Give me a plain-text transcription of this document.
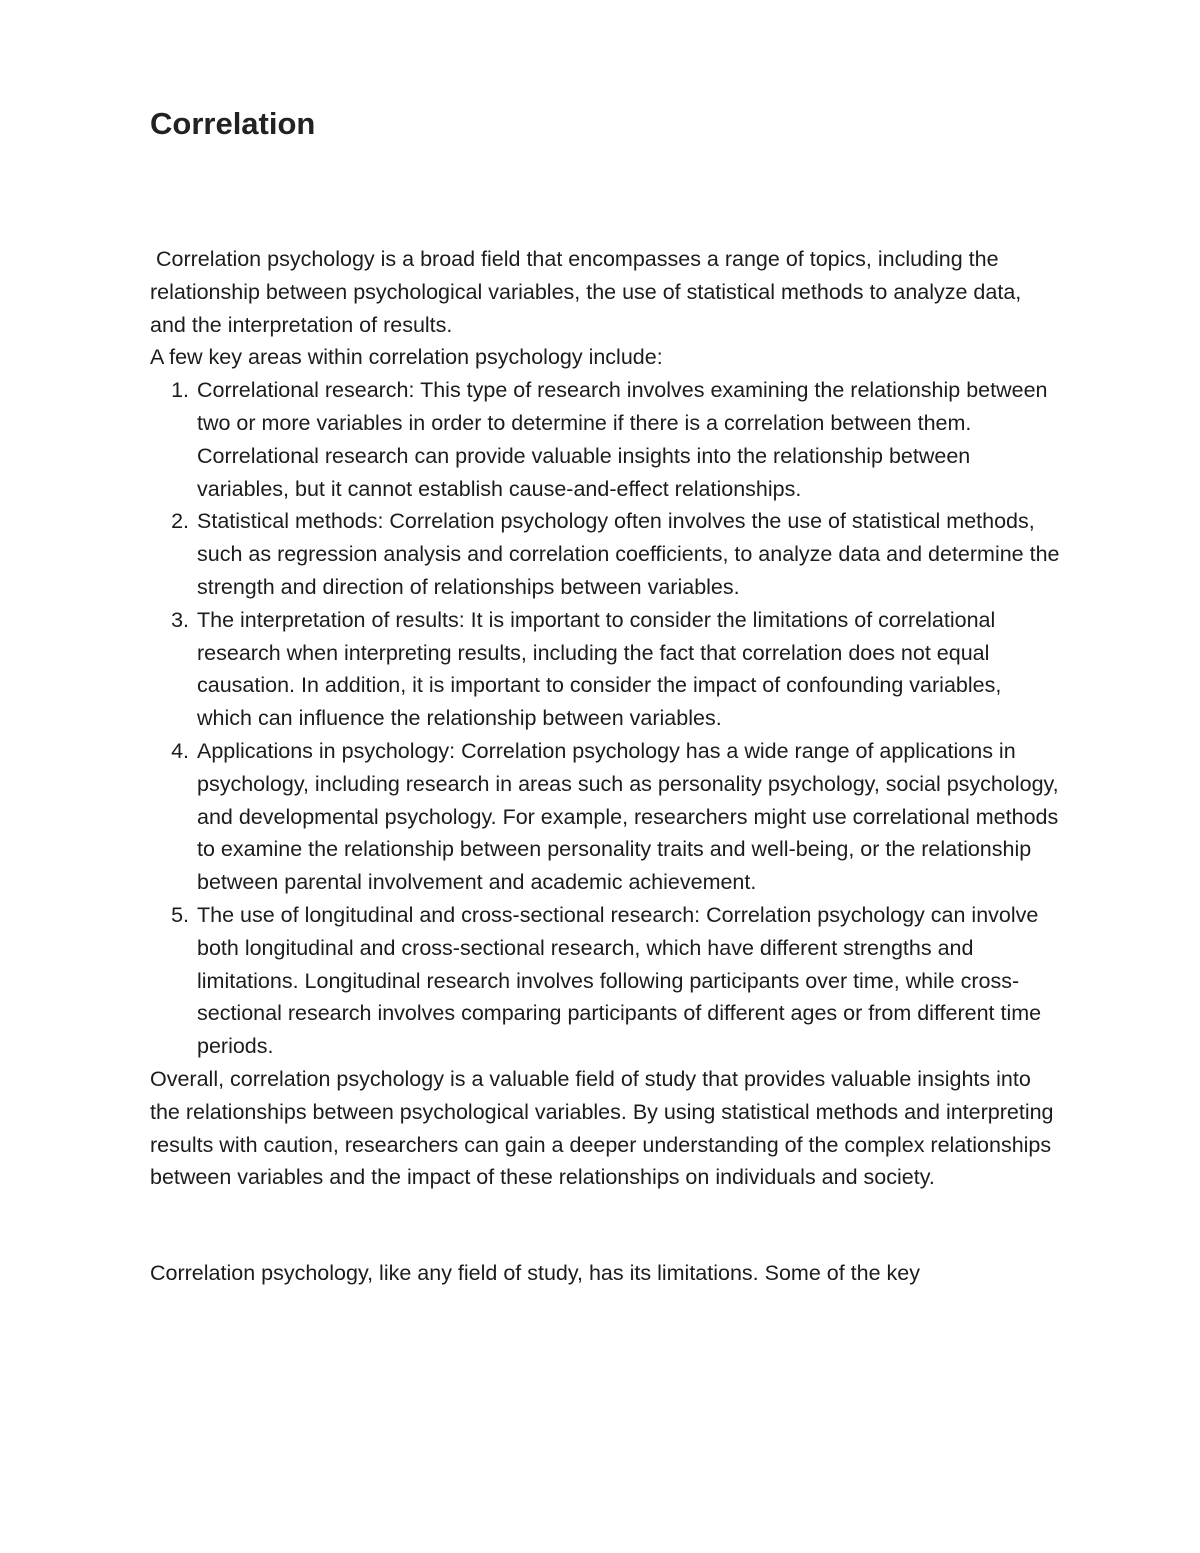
Correlation

Correlation psychology is a broad field that encompasses a range of topics, including the relationship between psychological variables, the use of statistical methods to analyze data, and the interpretation of results.

A few key areas within correlation psychology include:

1. Correlational research: This type of research involves examining the relationship between two or more variables in order to determine if there is a correlation between them. Correlational research can provide valuable insights into the relationship between variables, but it cannot establish cause-and-effect relationships.
2. Statistical methods: Correlation psychology often involves the use of statistical methods, such as regression analysis and correlation coefficients, to analyze data and determine the strength and direction of relationships between variables.
3. The interpretation of results: It is important to consider the limitations of correlational research when interpreting results, including the fact that correlation does not equal causation. In addition, it is important to consider the impact of confounding variables, which can influence the relationship between variables.
4. Applications in psychology: Correlation psychology has a wide range of applications in psychology, including research in areas such as personality psychology, social psychology, and developmental psychology. For example, researchers might use correlational methods to examine the relationship between personality traits and well-being, or the relationship between parental involvement and academic achievement.
5. The use of longitudinal and cross-sectional research: Correlation psychology can involve both longitudinal and cross-sectional research, which have different strengths and limitations. Longitudinal research involves following participants over time, while cross-sectional research involves comparing participants of different ages or from different time periods.

Overall, correlation psychology is a valuable field of study that provides valuable insights into the relationships between psychological variables. By using statistical methods and interpreting results with caution, researchers can gain a deeper understanding of the complex relationships between variables and the impact of these relationships on individuals and society.

Correlation psychology, like any field of study, has its limitations. Some of the key
